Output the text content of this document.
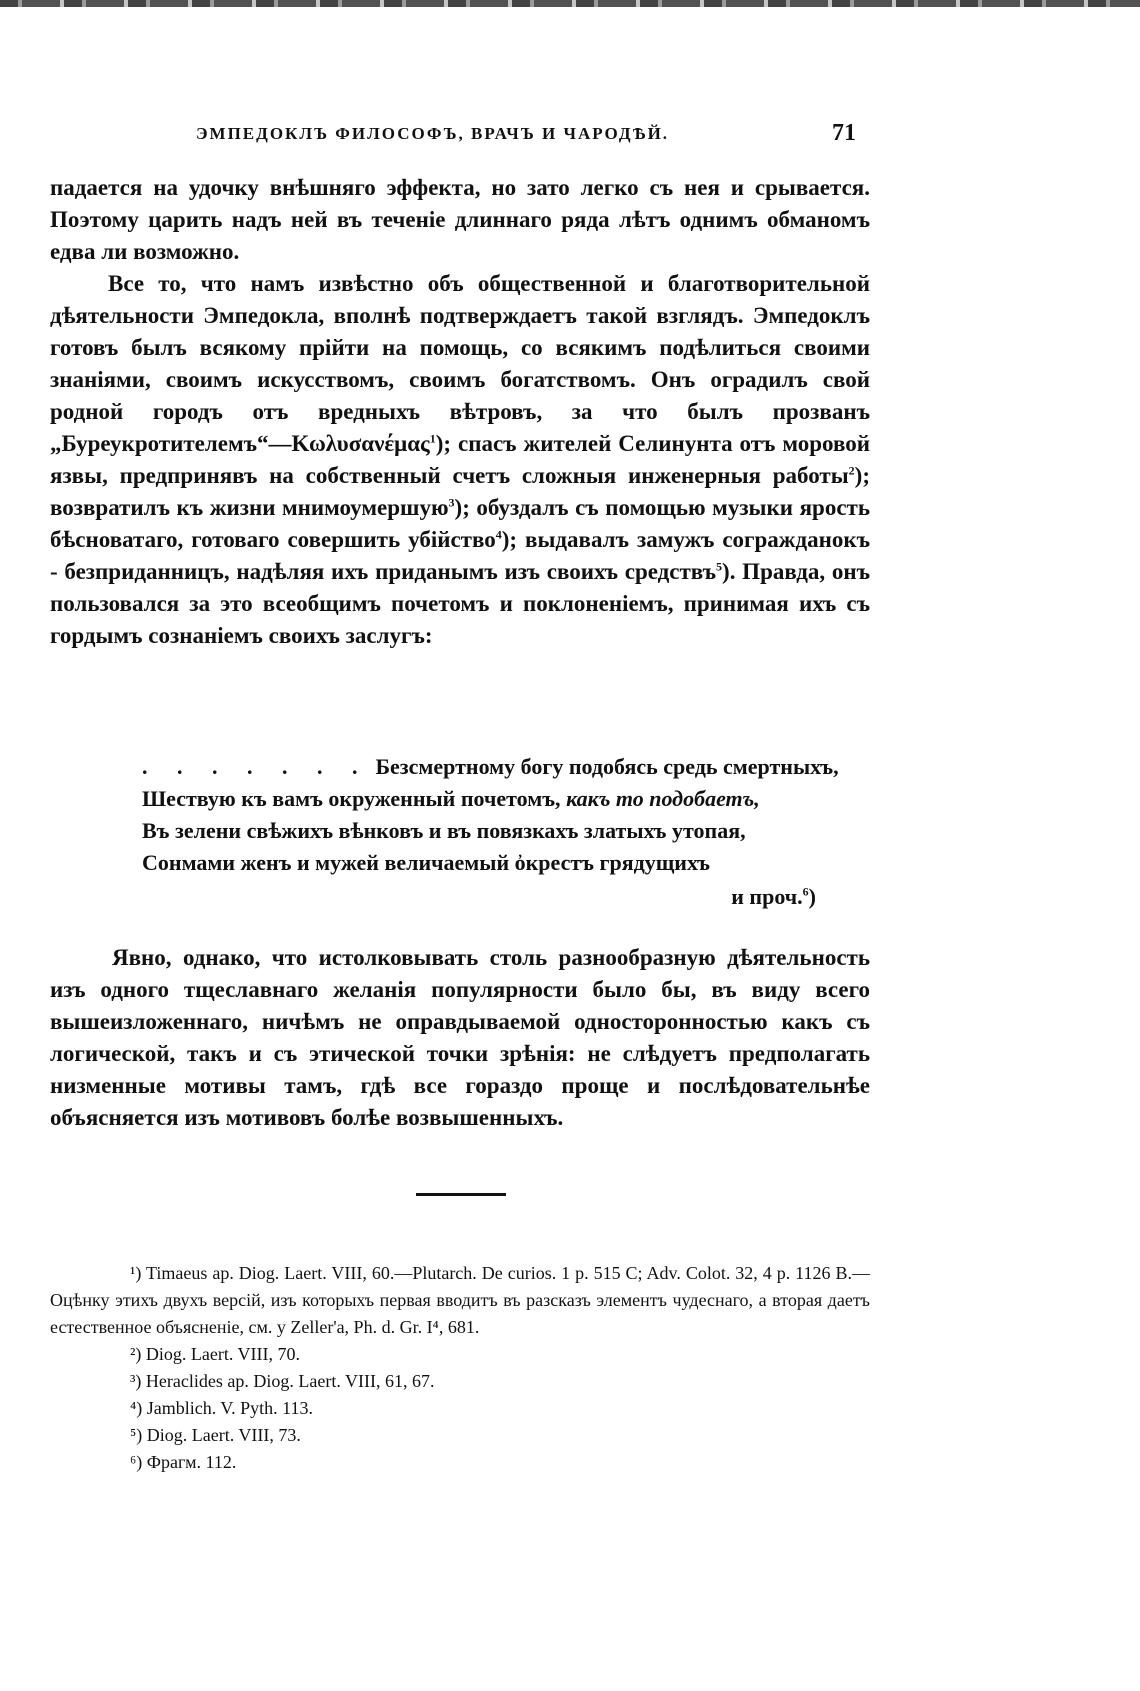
ЭМПЕДОКЛЪ ФИЛОСОФЪ, ВРАЧЪ И ЧАРОДѢЙ.	71

падается на удочку внѣшняго эффекта, но зато легко съ нея и срывается. Поэтому царить надъ ней въ теченіе длиннаго ряда лѣтъ однимъ обманомъ едва ли возможно.

Все то, что намъ извѣстно объ общественной и благотворительной дѣятельности Эмпедокла, вполнѣ подтверждаетъ такой взглядъ. Эмпедоклъ готовъ былъ всякому прійти на помощь, со всякимъ подѣлиться своими знаніями, своимъ искусствомъ, своимъ богатствомъ. Онъ оградилъ свой родной городъ отъ вредныхъ вѣтровъ, за что былъ прозванъ „Буреукротителемъ“—Κωλυσανέμας$^1$); спасъ жителей Селинунта отъ моровой язвы, предпринявъ на собственный счетъ сложныя инженерныя работы$^2$); возвратилъ къ жизни мнимоумершую$^3$); обуздалъ съ помощью музыки ярость бѣсноватаго, готоваго совершить убійство$^4$); выдавалъ замужъ согражданокъ - безприданницъ, надѣляя ихъ приданымъ изъ своихъ средствъ$^5$). Правда, онъ пользовался за это всеобщимъ почетомъ и поклоненіемъ, принимая ихъ съ гордымъ сознаніемъ своихъ заслугъ:

. . . . . . . Безсмертному богу подобясь средь смертныхъ,
Шествую къ вамъ окруженный почетомъ, какъ то подобаетъ,
Въ зелени свѣжихъ вѣнковъ и въ повязкахъ златыхъ утопая,
Сонмами женъ и мужей величаемый ὀкрестъ грядущихъ
и проч.$^6$)

Явно, однако, что истолковывать столь разнообразную дѣятельность изъ одного тщеславнаго желанія популярности было бы, въ виду всего вышеизложеннаго, ничѣмъ не оправдываемой односторонностью какъ съ логической, такъ и съ этической точки зрѣнія: не слѣдуетъ предполагать низменные мотивы тамъ, гдѣ все гораздо проще и послѣдовательнѣе объясняется изъ мотивовъ болѣе возвышенныхъ.

¹) Timaeus ap. Diog. Laert. VIII, 60.—Plutarch. De curios. 1 p. 515 C; Adv. Colot. 32, 4 p. 1126 B.—Оцѣнку этихъ двухъ версій, изъ которыхъ первая вводитъ въ разсказъ элементъ чудеснаго, а вторая даетъ естественное объясненіе, см. у Zeller'a, Ph. d. Gr. I⁴, 681.

²) Diog. Laert. VIII, 70.

³) Heraclides ap. Diog. Laert. VIII, 61, 67.

⁴) Jamblich. V. Pyth. 113.

⁵) Diog. Laert. VIII, 73.

⁶) Фрагм. 112.
